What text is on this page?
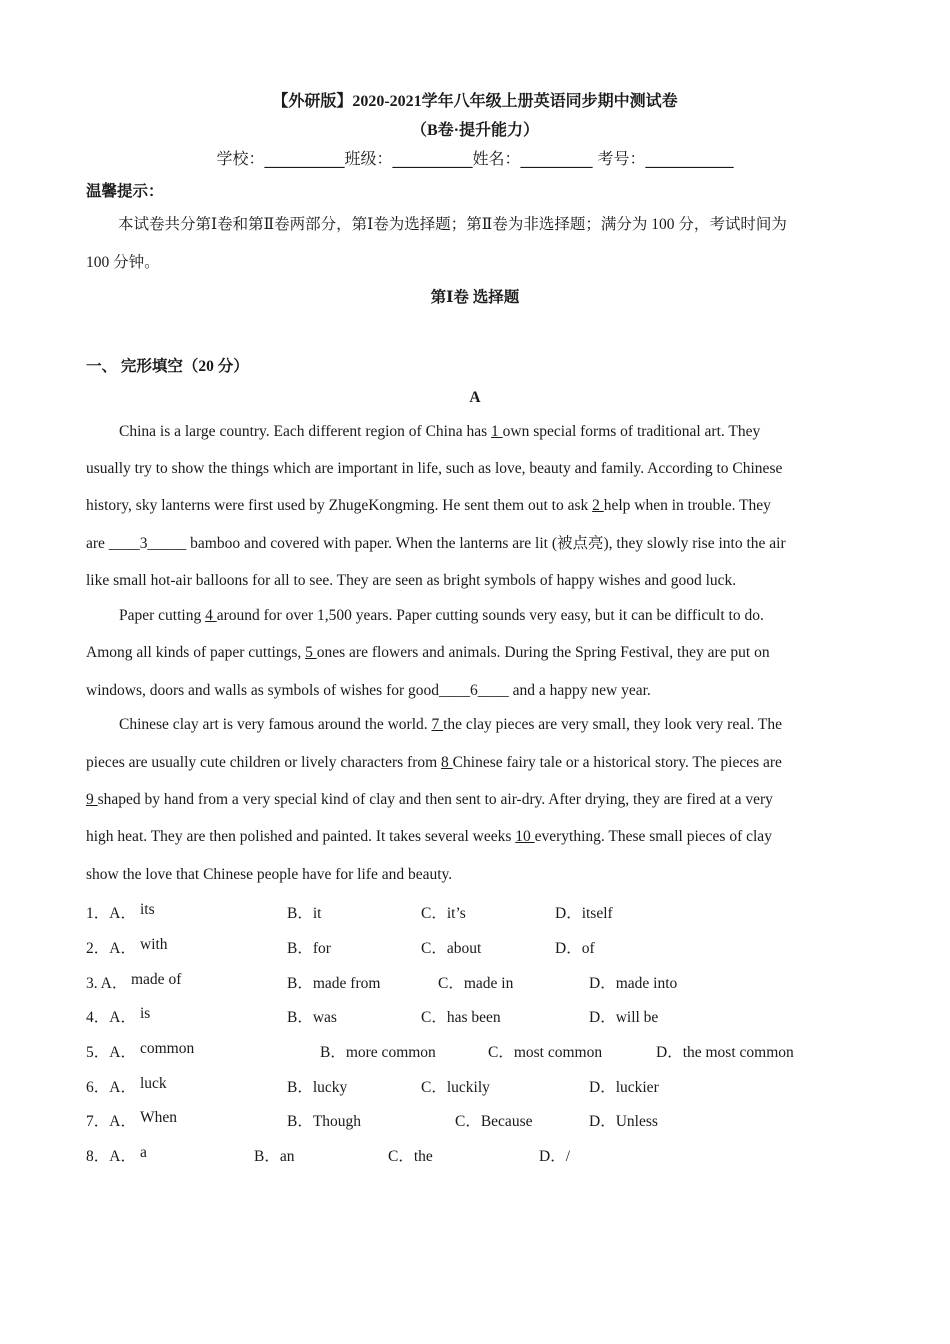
【外研版】2020-2021学年八年级上册英语同步期中测试卷
（B卷·提升能力）
学校：__________班级：__________姓名：_________ 考号：___________
温馨提示：
本试卷共分第Ⅰ卷和第Ⅱ卷两部分，第Ⅰ卷为选择题；第Ⅱ卷为非选择题；满分为 100 分，考试时间为
100 分钟。
第Ⅰ卷 选择题
一、 完形填空（20 分）
A
China is a large country. Each different region of China has 1 own special forms of traditional art. They
usually try to show the things which are important in life, such as love, beauty and family. According to Chinese
history, sky lanterns were first used by ZhugeKongming. He sent them out to ask 2 help when in trouble. They
are ____3_____ bamboo and covered with paper. When the lanterns are lit (被点亮), they slowly rise into the air
like small hot-air balloons for all to see. They are seen as bright symbols of happy wishes and good luck.
Paper cutting 4 around for over 1,500 years. Paper cutting sounds very easy, but it can be difficult to do.
Among all kinds of paper cuttings, 5 ones are flowers and animals. During the Spring Festival, they are put on
windows, doors and walls as symbols of wishes for good____6____ and a happy new year.
Chinese clay art is very famous around the world. 7 the clay pieces are very small, they look very real. The
pieces are usually cute children or lively characters from 8 Chinese fairy tale or a historical story. The pieces are
9 shaped by hand from a very special kind of clay and then sent to air-dry. After drying, they are fired at a very
high heat. They are then polished and painted. It takes several weeks 10 everything. These small pieces of clay
show the love that Chinese people have for life and beauty.
1．A． its	B．it	C．it’s	D．itself
2．A． with	B．for	C．about	D．of
3. A． made of	B．made from	C．made in	D．made into
4．A． is	B．was	C．has been	D．will be
5．A． common	B．more common	C．most common	D．the most common
6．A． luck	B．lucky	C．luckily	D．luckier
7．A． When	B．Though	C．Because	D．Unless
8．A． a	B．an	C．the	D．/
